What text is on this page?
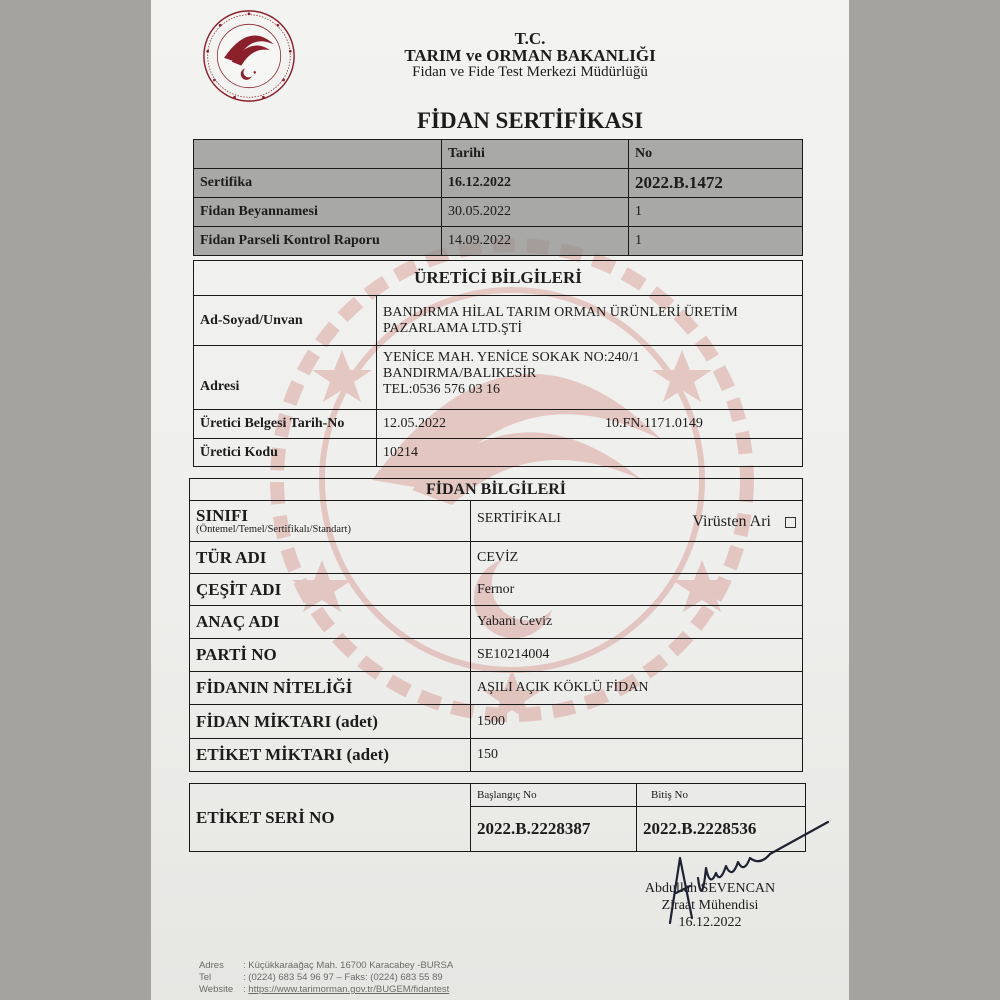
T.C.
TARIM ve ORMAN BAKANLIĞI
Fidan ve Fide Test Merkezi Müdürlüğü
FİDAN SERTİFİKASI
	Tarihi	No
Sertifika	16.12.2022	2022.B.1472
Fidan Beyannamesi	30.05.2022	1
Fidan Parseli Kontrol Raporu	14.09.2022	1
ÜRETİCİ BİLGİLERİ		
Ad-Soyad/Unvan	BANDIRMA HİLAL TARIM ORMAN ÜRÜNLERİ ÜRETİM
PAZARLAMA LTD.ŞTİ	

Adresi	YENİCE MAH. YENİCE SOKAK NO:240/1 BANDIRMA/BALIKESİR
TEL:0536 576 03 16	

Üretici Belgesi Tarih-No	12.05.2022	10.FN.1171.0149
Üretici Kodu	10214	
FİDAN BİLGİLERİ	
SINIFI
(Öntemel/Temel/Sertifikalı/Standart)	SERTİFİKALI Virüsten Ari

TÜR ADI	CEVİZ
ÇEŞİT ADI	Fernor
ANAÇ ADI	Yabani Ceviz
PARTİ NO	SE10214004
FİDANIN NİTELİĞİ	AŞILI AÇIK KÖKLÜ FİDAN
FİDAN MİKTARI (adet)	1500
ETİKET MİKTARI (adet)	150
ETİKET SERİ NO	Başlangıç No	Bitiş No
	2022.B.2228387	2022.B.2228536
Abdullah SEVENCAN
Ziraat Mühendisi
16.12.2022
Adres : Küçükkaraağaç Mah. 16700 Karacabey -BURSA
Tel	: (0224) 683 54 96 97 – Faks: (0224) 683 55 89
Website : https://www.tarimorman.gov.tr/BUGEM/fidantest
